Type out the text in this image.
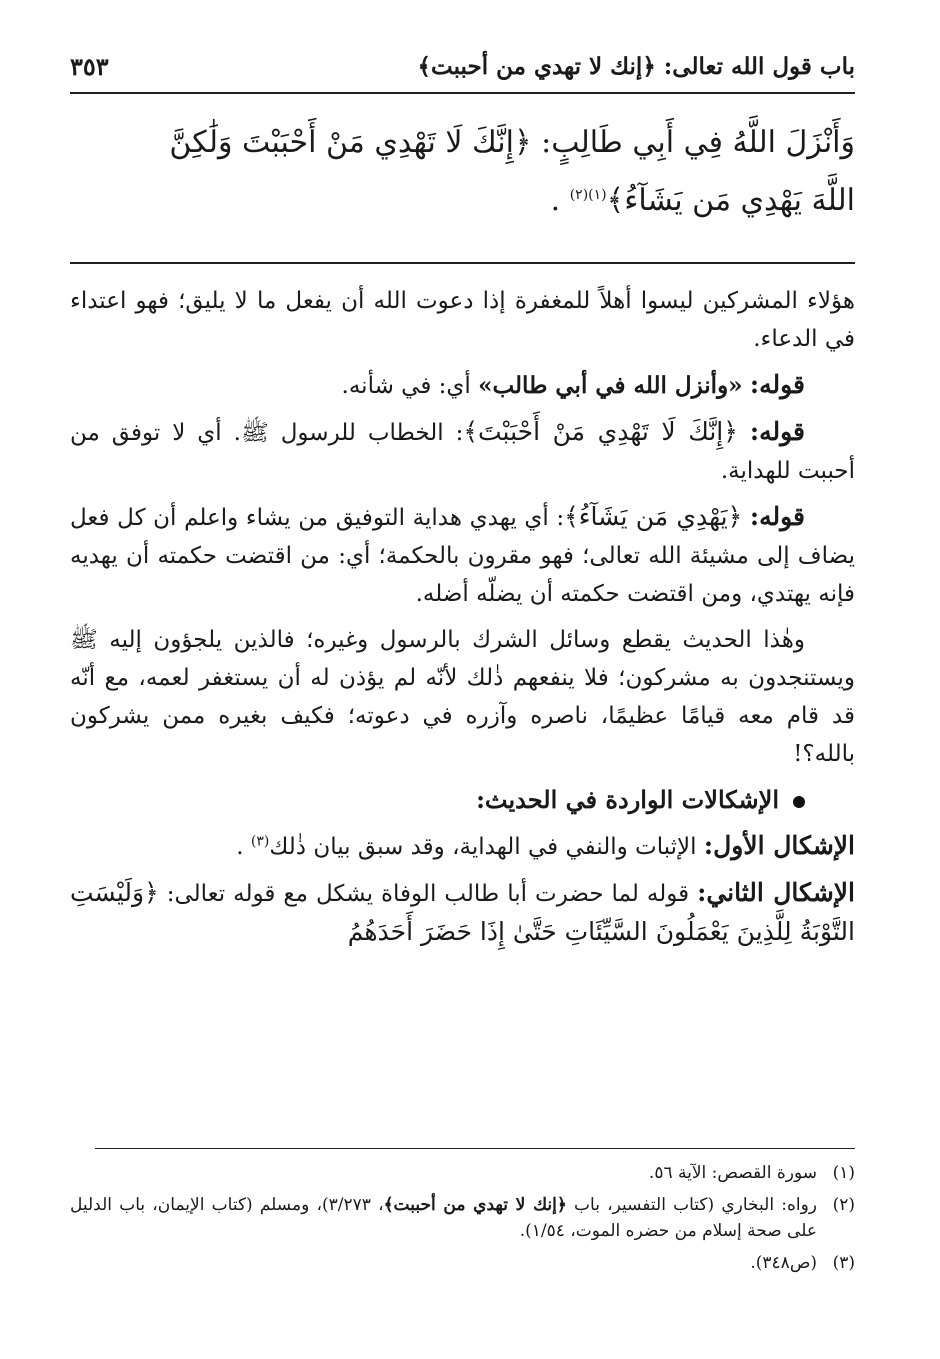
باب قول الله تعالى: ﴿إنك لا تهدي من أحببت﴾
٣٥٣

وَأَنْزَلَ اللَّهُ فِي أَبِي طَالِبٍ: ﴿إِنَّكَ لَا تَهْدِي مَنْ أَحْبَبْتَ وَلَٰكِنَّ

اللَّهَ يَهْدِي مَن يَشَآءُ﴾$^{(١)(٢)}$ .

هؤلاء المشركين ليسوا أهلاً للمغفرة إذا دعوت الله أن يفعل ما لا يليق؛ فهو اعتداء في الدعاء.

قوله: «وأنزل الله في أبي طالب» أي: في شأنه.

قوله: ﴿إِنَّكَ لَا تَهْدِي مَنْ أَحْبَبْتَ﴾: الخطاب للرسول ﷺ. أي لا توفق من أحببت للهداية.

قوله: ﴿يَهْدِي مَن يَشَآءُ﴾: أي يهدي هداية التوفيق من يشاء واعلم أن كل فعل يضاف إلى مشيئة الله تعالى؛ فهو مقرون بالحكمة؛ أي: من اقتضت حكمته أن يهديه فإنه يهتدي، ومن اقتضت حكمته أن يضلّه أضله.

وهٰذا الحديث يقطع وسائل الشرك بالرسول وغيره؛ فالذين يلجؤون إليه ﷺ ويستنجدون به مشركون؛ فلا ينفعهم ذٰلك لأنّه لم يؤذن له أن يستغفر لعمه، مع أنّه قد قام معه قيامًا عظيمًا، ناصره وآزره في دعوته؛ فكيف بغيره ممن يشركون بالله؟!

الإشكالات الواردة في الحديث:

الإشكال الأول: الإثبات والنفي في الهداية، وقد سبق بيان ذٰلك$^{(٣)}$ .

الإشكال الثاني: قوله لما حضرت أبا طالب الوفاة يشكل مع قوله تعالى: ﴿وَلَيْسَتِ التَّوْبَةُ لِلَّذِينَ يَعْمَلُونَ السَّيِّئَاتِ حَتَّىٰ إِذَا حَضَرَ أَحَدَهُمُ

(١)
سورة القصص: الآية ٥٦.
(٢)
رواه: البخاري (كتاب التفسير، باب ﴿إنك لا تهدي من أحببت﴾، ٣/٢٧٣)، ومسلم (كتاب الإيمان، باب الدليل على صحة إسلام من حضره الموت، ١/٥٤).
(٣)
(ص٣٤٨).
